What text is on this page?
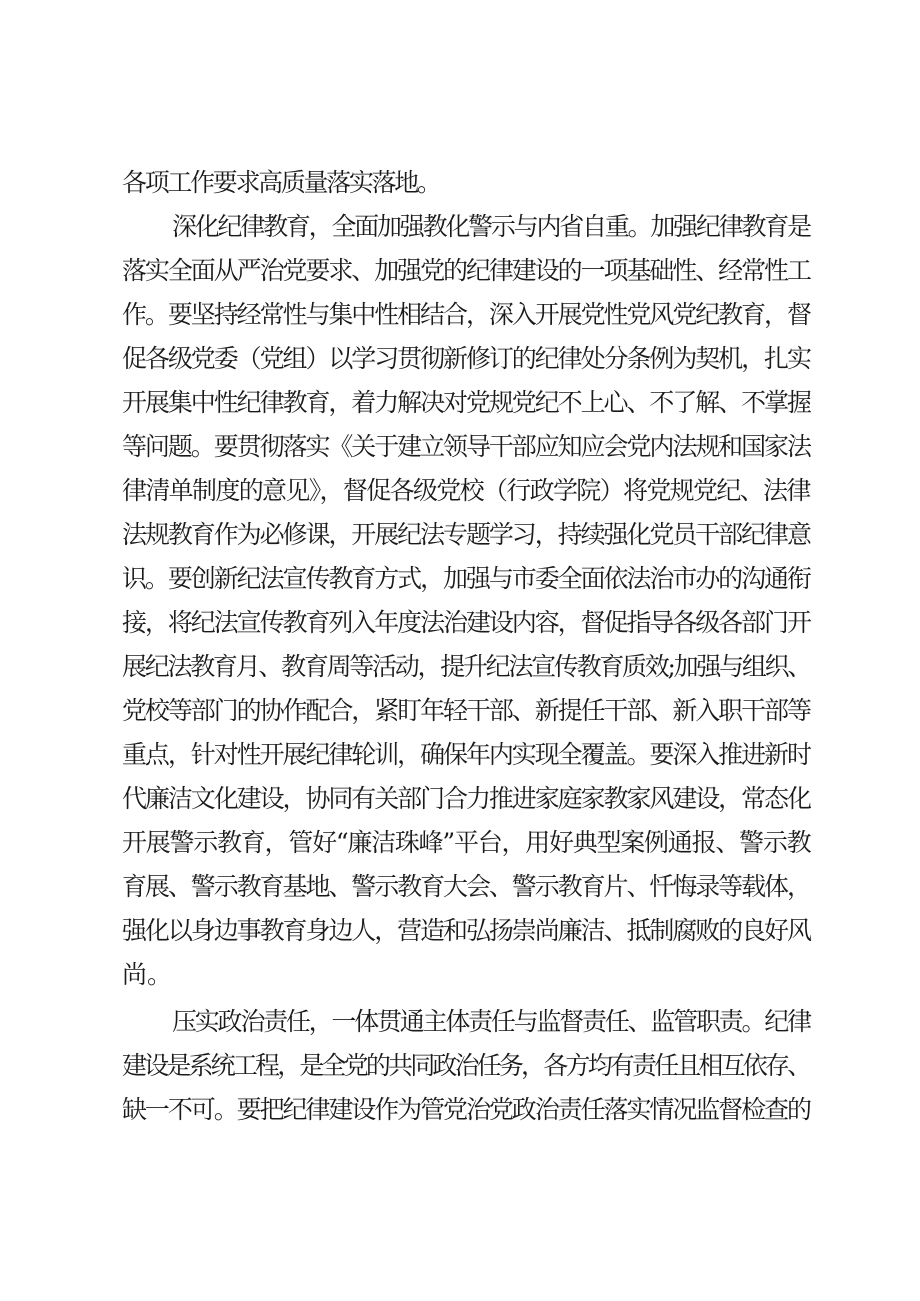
各项工作要求高质量落实落地。
深化纪律教育，全面加强教化警示与内省自重。加强纪律教育是
落实全面从严治党要求、加强党的纪律建设的一项基础性、经常性工
作。要坚持经常性与集中性相结合，深入开展党性党风党纪教育，督
促各级党委（党组）以学习贯彻新修订的纪律处分条例为契机，扎实
开展集中性纪律教育，着力解决对党规党纪不上心、不了解、不掌握
等问题。要贯彻落实《关于建立领导干部应知应会党内法规和国家法
律清单制度的意见》，督促各级党校（行政学院）将党规党纪、法律
法规教育作为必修课，开展纪法专题学习，持续强化党员干部纪律意
识。要创新纪法宣传教育方式，加强与市委全面依法治市办的沟通衔
接，将纪法宣传教育列入年度法治建设内容，督促指导各级各部门开
展纪法教育月、教育周等活动，提升纪法宣传教育质效;加强与组织、
党校等部门的协作配合，紧盯年轻干部、新提任干部、新入职干部等
重点，针对性开展纪律轮训，确保年内实现全覆盖。要深入推进新时
代廉洁文化建设，协同有关部门合力推进家庭家教家风建设，常态化
开展警示教育，管好“廉洁珠峰”平台，用好典型案例通报、警示教
育展、警示教育基地、警示教育大会、警示教育片、忏悔录等载体，
强化以身边事教育身边人，营造和弘扬崇尚廉洁、抵制腐败的良好风
尚。
压实政治责任，一体贯通主体责任与监督责任、监管职责。纪律
建设是系统工程，是全党的共同政治任务，各方均有责任且相互依存、
缺一不可。要把纪律建设作为管党治党政治责任落实情况监督检查的
